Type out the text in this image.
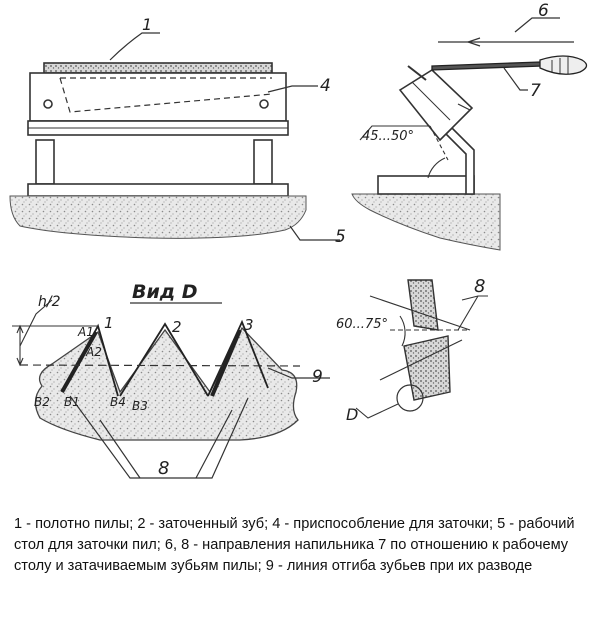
1
4
5
45...50°
6
7
Вид D
9
h/2
1	2	3
A1
A2
B2 B1	B4 B3
8
60...75°
8
D
1 - полотно пилы; 2 - заточенный зуб; 4 - приспособление для заточки; 5 - рабочий стол для заточки пил; 6, 8 - направления напильника 7 по отношению к рабочему столу и затачиваемым зубьям пилы; 9 - линия отгиба зубьев при их разводе
